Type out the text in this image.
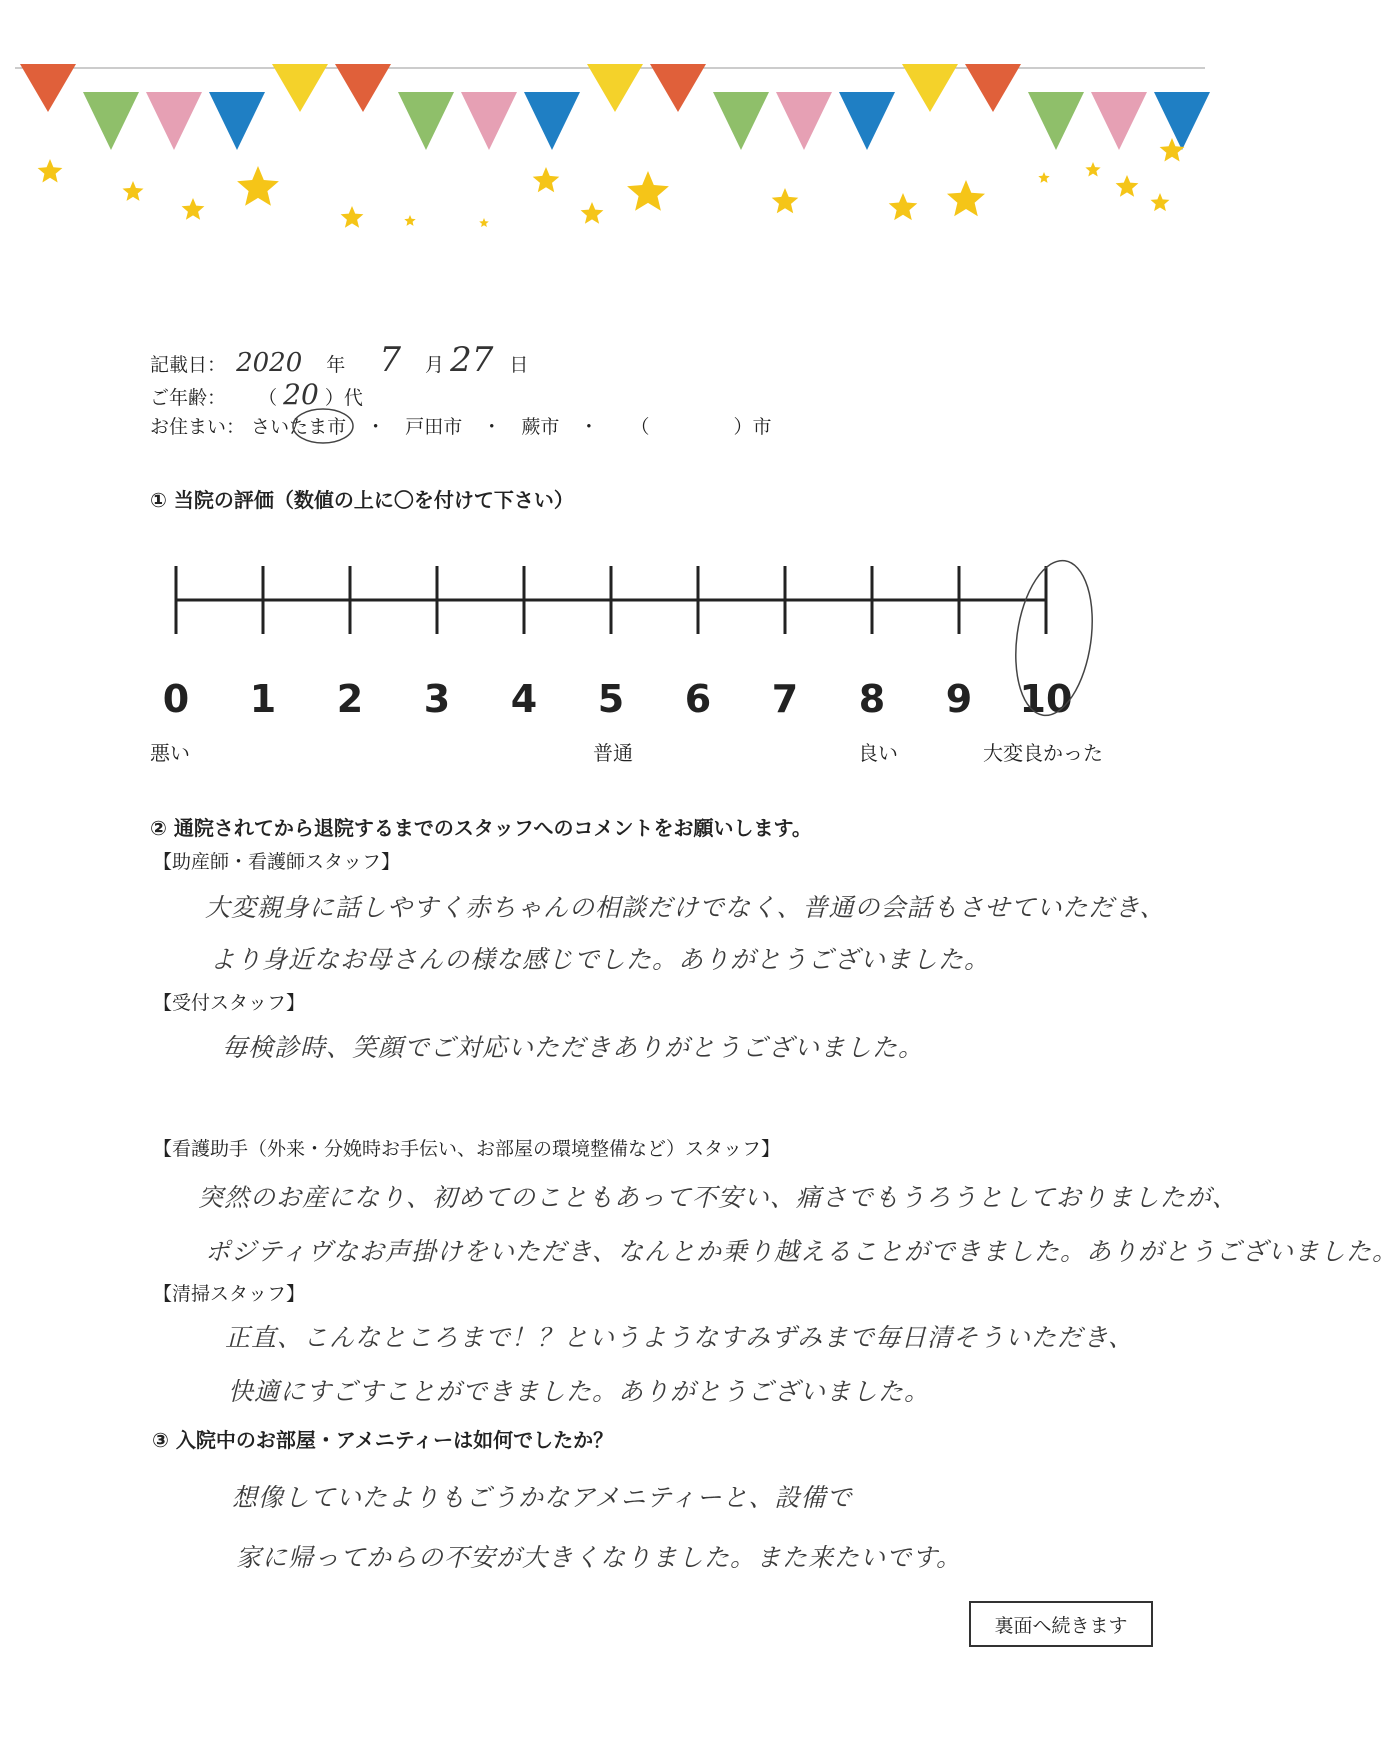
記載日： 2020 年 7 月 27 日
ご年齢： （ 20 ）代
お住まい： さいたま市 ・ 戸田市 ・ 蕨市 ・ （	）市
① 当院の評価（数値の上に〇を付けて下さい）
0 1 2 3 4 5 6 7 8 9 10
悪い	普通	良い	大変良かった
② 通院されてから退院するまでのスタッフへのコメントをお願いします。
【助産師・看護師スタッフ】
大変親身に話しやすく赤ちゃんの相談だけでなく、普通の会話もさせていただき、
より身近なお母さんの様な感じでした。ありがとうございました。
【受付スタッフ】
毎検診時、笑顔でご対応いただきありがとうございました。
【看護助手（外来・分娩時お手伝い、お部屋の環境整備など）スタッフ】
突然のお産になり、初めてのこともあって不安い、痛さでもうろうとしておりましたが、
ポジティヴなお声掛けをいただき、なんとか乗り越えることができました。ありがとうございました。
【清掃スタッフ】
正直、こんなところまで！？というようなすみずみまで毎日清そういただき、
快適にすごすことができました。ありがとうございました。
③ 入院中のお部屋・アメニティーは如何でしたか？
想像していたよりもごうかなアメニティーと、設備で
家に帰ってからの不安が大きくなりました。また来たいです。
裏面へ続きます
